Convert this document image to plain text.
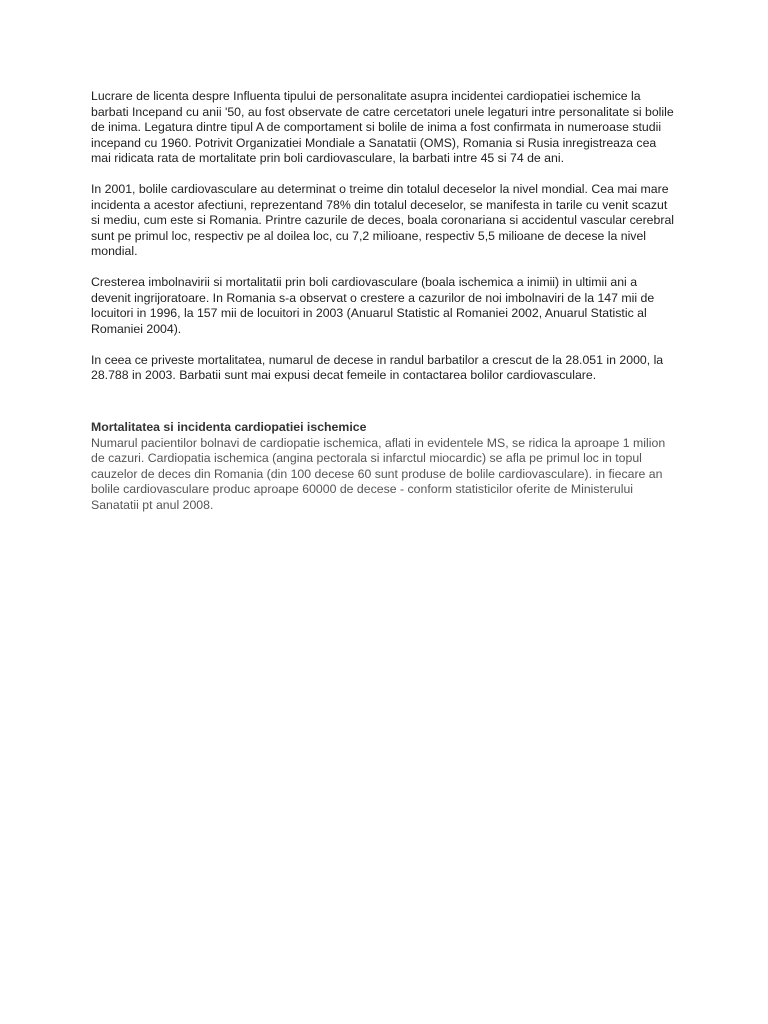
Lucrare de licenta despre Influenta tipului de personalitate asupra incidentei cardiopatiei ischemice la barbati Incepand cu anii '50, au fost observate de catre cercetatori unele legaturi intre personalitate si bolile de inima. Legatura dintre tipul A de comportament si bolile de inima a fost confirmata in numeroase studii incepand cu 1960. Potrivit Organizatiei Mondiale a Sanatatii (OMS), Romania si Rusia inregistreaza cea mai ridicata rata de mortalitate prin boli cardiovasculare, la barbati intre 45 si 74 de ani.

In 2001, bolile cardiovasculare au determinat o treime din totalul deceselor la nivel mondial. Cea mai mare incidenta a acestor afectiuni, reprezentand 78% din totalul deceselor, se manifesta in tarile cu venit scazut si mediu, cum este si Romania. Printre cazurile de deces, boala coronariana si accidentul vascular cerebral sunt pe primul loc, respectiv pe al doilea loc, cu 7,2 milioane, respectiv 5,5 milioane de decese la nivel mondial.

Cresterea imbolnavirii si mortalitatii prin boli cardiovasculare (boala ischemica a inimii) in ultimii ani a devenit ingrijoratoare. In Romania s-a observat o crestere a cazurilor de noi imbolnaviri de la 147 mii de locuitori in 1996, la 157 mii de locuitori in 2003 (Anuarul Statistic al Romaniei 2002, Anuarul Statistic al Romaniei 2004).

In ceea ce priveste mortalitatea, numarul de decese in randul barbatilor a crescut de la 28.051 in 2000, la 28.788 in 2003. Barbatii sunt mai expusi decat femeile in contactarea bolilor cardiovasculare.

Mortalitatea si incidenta cardiopatiei ischemice

Numarul pacientilor bolnavi de cardiopatie ischemica, aflati in evidentele MS, se ridica la aproape 1 milion de cazuri. Cardiopatia ischemica (angina pectorala si infarctul miocardic) se afla pe primul loc in topul cauzelor de deces din Romania (din 100 decese 60 sunt produse de bolile cardiovasculare). in fiecare an bolile cardiovasculare produc aproape 60000 de decese - conform statisticilor oferite de Ministerului Sanatatii pt anul 2008.
